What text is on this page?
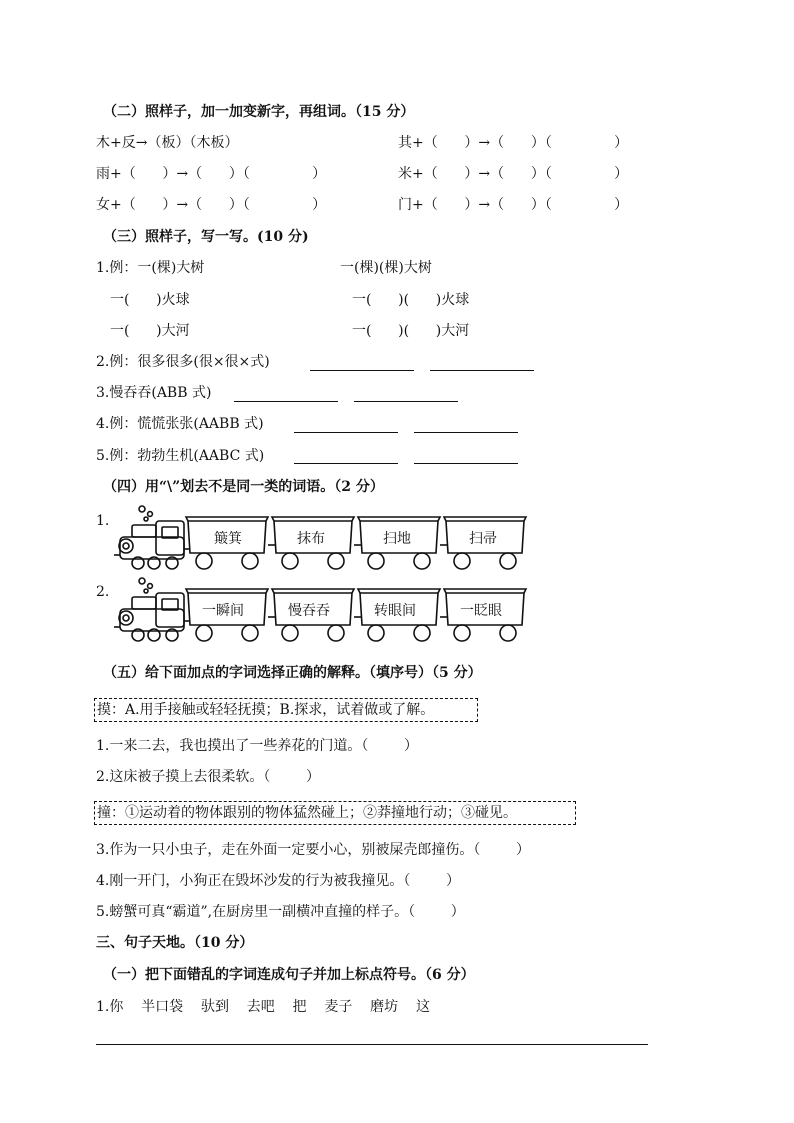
（二）照样子，加一加变新字，再组词。（15 分）
木+反→（板）（木板）	其+（      ）→（      ）（              ）
雨+（      ）→（      ）（              ）	米+（      ）→（      ）（              ）
女+（      ）→（      ）（              ）	门+（      ）→（      ）（              ）
（三）照样子，写一写。(10 分)
1.例：一(棵)大树	一(棵)(棵)大树
一(      )火球	一(      )(      )火球
一(      )大河	一(      )(      )大河
2.例：很多很多(很×很×式)
3.慢吞吞(ABB 式)
4.例：慌慌张张(AABB 式)
5.例：勃勃生机(AABC 式)
（四）用“\”划去不是同一类的词语。（2 分）
1.
簸箕	抹布	扫地	扫帚
2.
一瞬间	慢吞吞	转眼间	一眨眼
（五）给下面加点的字词选择正确的解释。（填序号）（5 分）
摸：A.用手接触或轻轻抚摸；B.探求，试着做或了解。
1.一来二去，我也摸出了一些养花的门道。（        ）
2.这床被子摸上去很柔软。（        ）
撞：①运动着的物体跟别的物体猛然碰上；②莽撞地行动；③碰见。
3.作为一只小虫子，走在外面一定要小心，别被屎壳郎撞伤。（        ）
4.刚一开门，小狗正在毁坏沙发的行为被我撞见。（        ）
5.螃蟹可真“霸道”,在厨房里一副横冲直撞的样子。（        ）
三、句子天地。（10 分）
（一）把下面错乱的字词连成句子并加上标点符号。（6 分）
1.你    半口袋    驮到    去吧    把    麦子    磨坊    这
